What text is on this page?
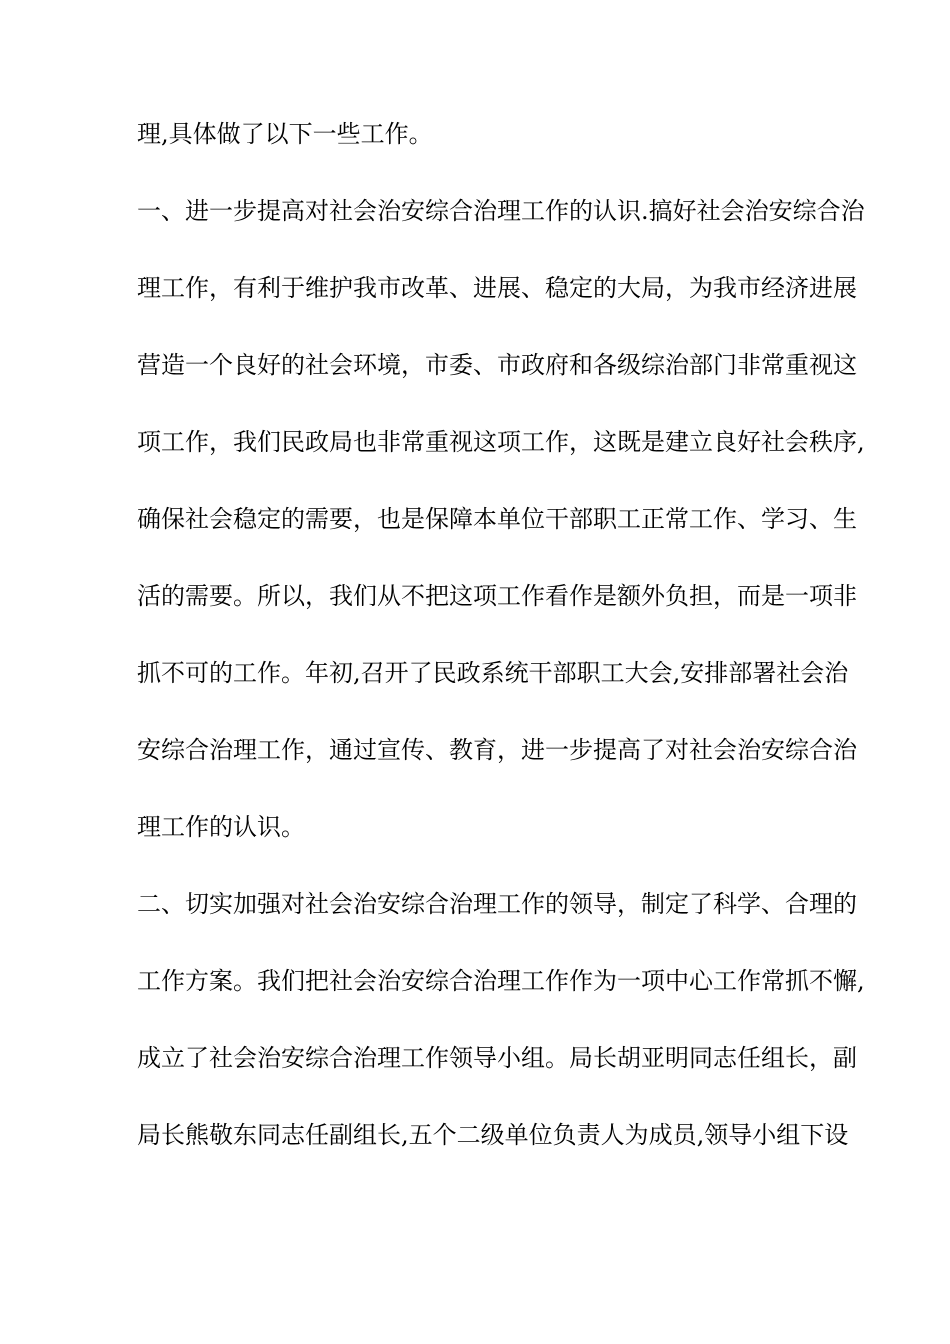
理,具体做了以下一些工作。
一、进一步提高对社会治安综合治理工作的认识.搞好社会治安综合治
理工作，有利于维护我市改革、进展、稳定的大局，为我市经济进展
营造一个良好的社会环境，市委、市政府和各级综治部门非常重视这
项工作，我们民政局也非常重视这项工作，这既是建立良好社会秩序,
确保社会稳定的需要，也是保障本单位干部职工正常工作、学习、生
活的需要。所以，我们从不把这项工作看作是额外负担，而是一项非
抓不可的工作。年初,召开了民政系统干部职工大会,安排部署社会治
安综合治理工作，通过宣传、教育，进一步提高了对社会治安综合治
理工作的认识。
二、切实加强对社会治安综合治理工作的领导，制定了科学、合理的
工作方案。我们把社会治安综合治理工作作为一项中心工作常抓不懈,
成立了社会治安综合治理工作领导小组。局长胡亚明同志任组长，副
局长熊敬东同志任副组长,五个二级单位负责人为成员,领导小组下设
